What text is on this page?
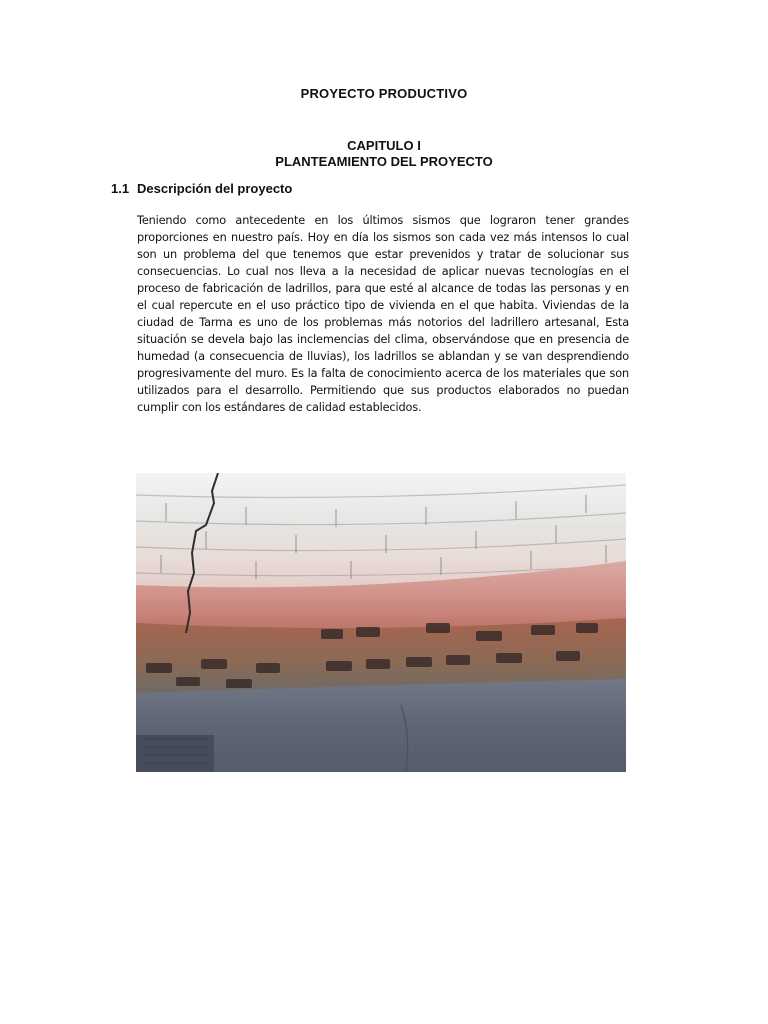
PROYECTO PRODUCTIVO
CAPITULO I
PLANTEAMIENTO DEL PROYECTO
1.1 Descripción del proyecto

Teniendo como antecedente en los últimos sismos que lograron tener grandes proporciones en nuestro país. Hoy en día los sismos son cada vez más intensos lo cual son un problema del que tenemos que estar prevenidos y tratar de solucionar sus consecuencias. Lo cual nos lleva a la necesidad de aplicar nuevas tecnologías en el proceso de fabricación de ladrillos, para que esté al alcance de todas las personas y en el cual repercute en el uso práctico tipo de vivienda en el que habita. Viviendas de la ciudad de Tarma es uno de los problemas más notorios del ladrillero artesanal, Esta situación se devela bajo las inclemencias del clima, observándose que en presencia de humedad (a consecuencia de lluvias), los ladrillos se ablandan y se van desprendiendo progresivamente del muro. Es la falta de conocimiento acerca de los materiales que son utilizados para el desarrollo. Permitiendo que sus productos elaborados no puedan cumplir con los estándares de calidad establecidos.
